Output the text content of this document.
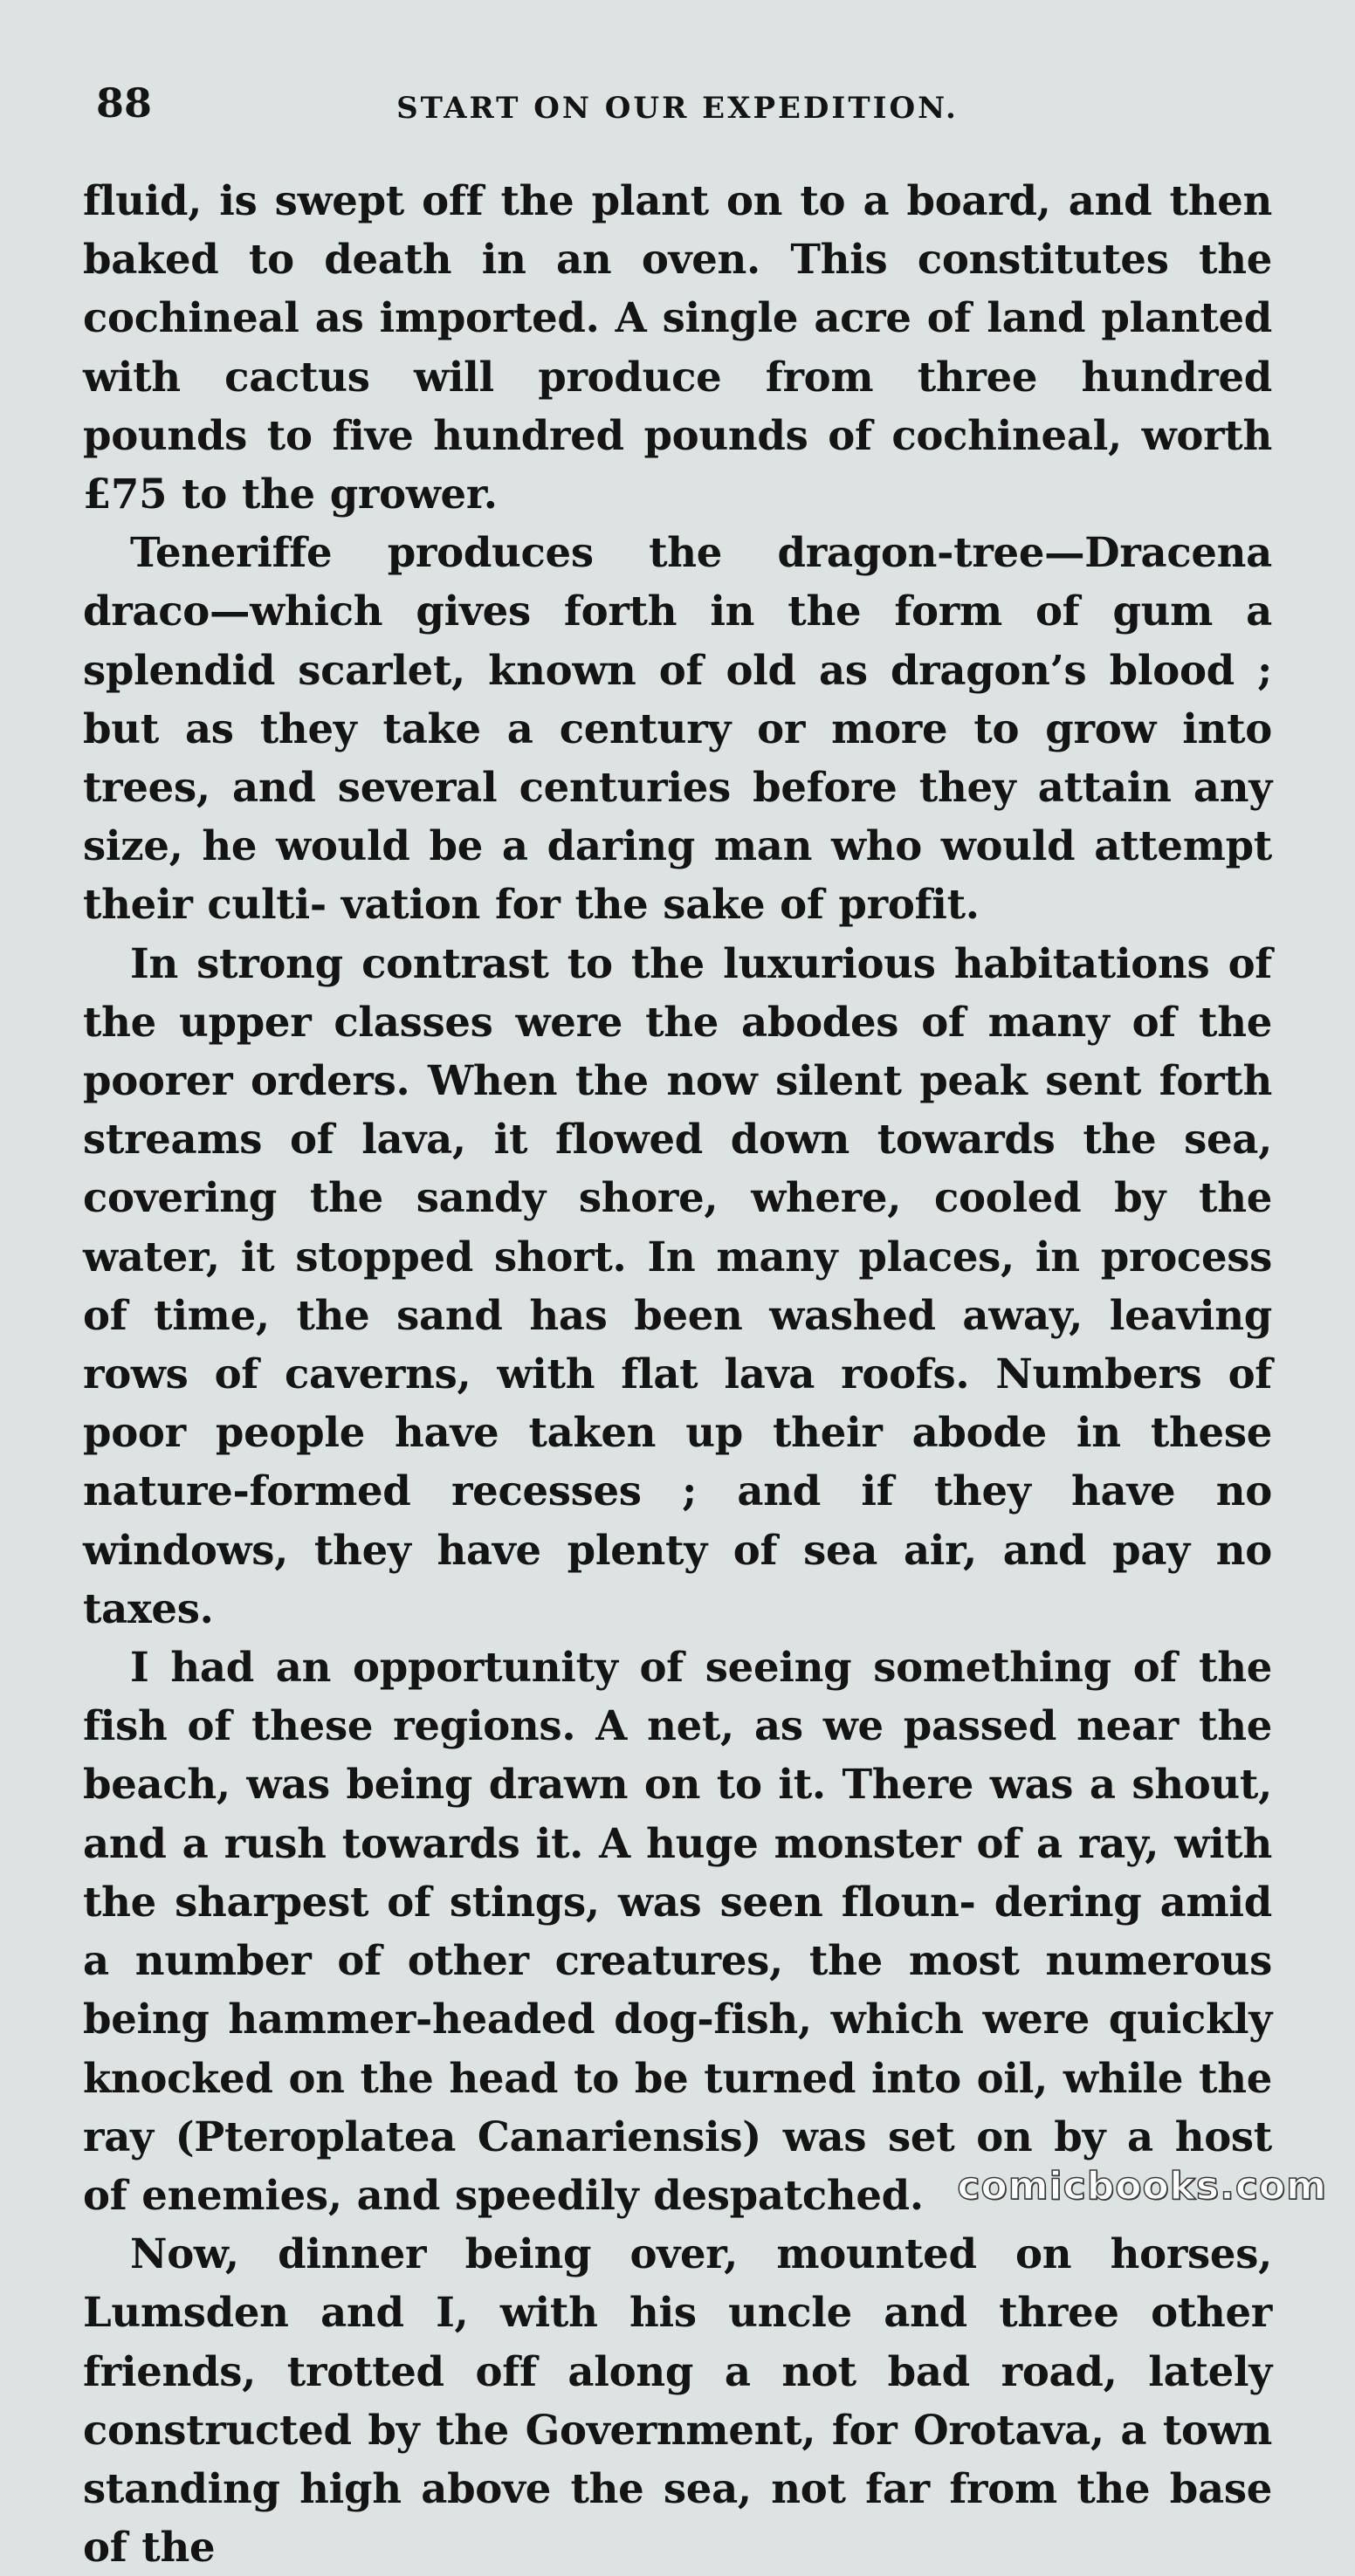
88	START ON OUR EXPEDITION.

fluid, is swept off the plant on to a board, and then baked to death in an oven. This constitutes the cochineal as imported. A single acre of land planted with cactus will produce from three hundred pounds to five hundred pounds of cochineal, worth £75 to the grower.

Teneriffe produces the dragon-tree—Dracena draco—which gives forth in the form of gum a splendid scarlet, known of old as dragon’s blood ; but as they take a century or more to grow into trees, and several centuries before they attain any size, he would be a daring man who would attempt their culti- vation for the sake of profit.

In strong contrast to the luxurious habitations of the upper classes were the abodes of many of the poorer orders. When the now silent peak sent forth streams of lava, it flowed down towards the sea, covering the sandy shore, where, cooled by the water, it stopped short. In many places, in process of time, the sand has been washed away, leaving rows of caverns, with flat lava roofs. Numbers of poor people have taken up their abode in these nature-formed recesses ; and if they have no windows, they have plenty of sea air, and pay no taxes.

I had an opportunity of seeing something of the fish of these regions. A net, as we passed near the beach, was being drawn on to it. There was a shout, and a rush towards it. A huge monster of a ray, with the sharpest of stings, was seen floun- dering amid a number of other creatures, the most numerous being hammer-headed dog-fish, which were quickly knocked on the head to be turned into oil, while the ray (Pteroplatea Canariensis) was set on by a host of enemies, and speedily despatched.

Now, dinner being over, mounted on horses, Lumsden and I, with his uncle and three other friends, trotted off along a not bad road, lately constructed by the Government, for Orotava, a town standing high above the sea, not far from the base of the

comicbooks.com
